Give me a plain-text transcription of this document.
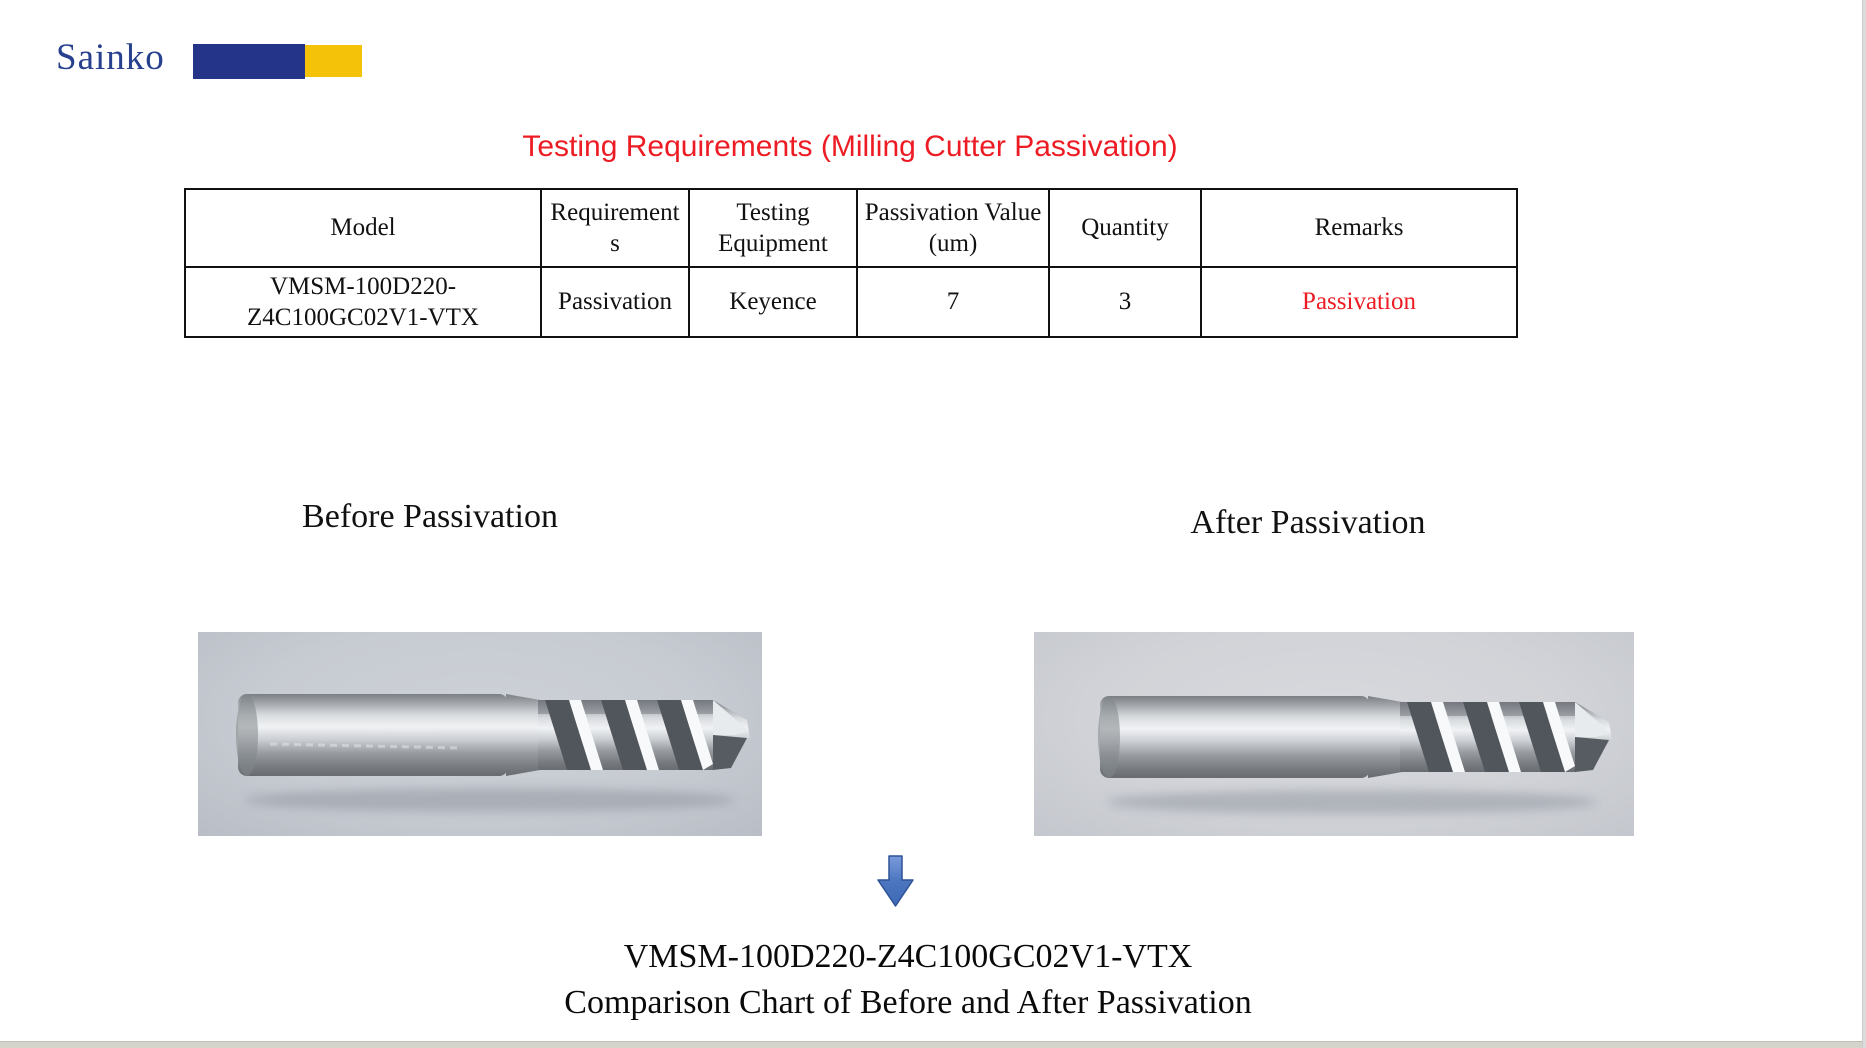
Sainko
Testing Requirements (Milling Cutter Passivation)
Model	Requirements	Testing Equipment	Passivation Value (um)	Quantity	Remarks
VMSM-100D220-Z4C100GC02V1-VTX	Passivation	Keyence	7	3	Passivation
Before Passivation	After Passivation
VMSM-100D220-Z4C100GC02V1-VTX
Comparison Chart of Before and After Passivation
